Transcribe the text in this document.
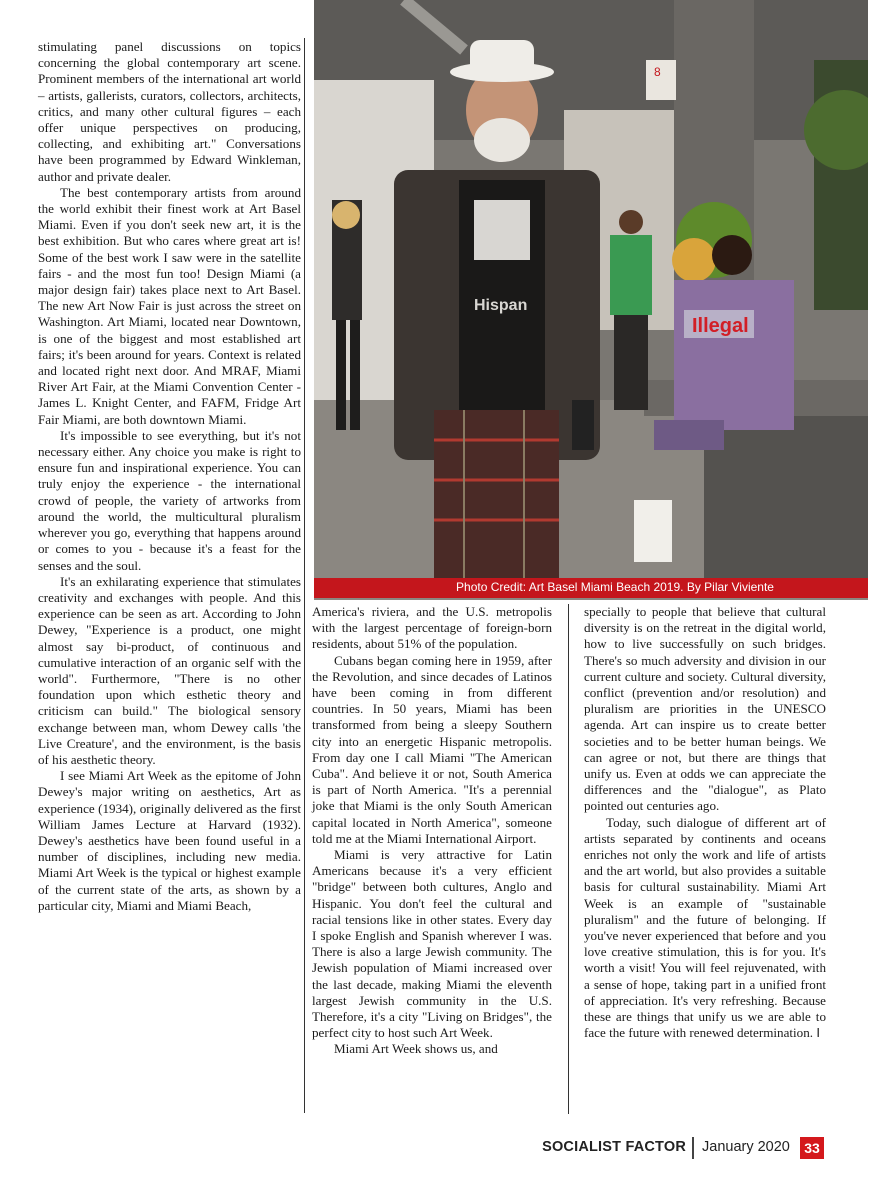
stimulating panel discussions on topics concerning the global contemporary art scene. Prominent members of the international art world – artists, gallerists, curators, collectors, architects, critics, and many other cultural figures – each offer unique perspectives on producing, collecting, and exhibiting art." Conversations have been programmed by Edward Winkleman, author and private dealer.

The best contemporary artists from around the world exhibit their finest work at Art Basel Miami. Even if you don't seek new art, it is the best exhibition. But who cares where great art is! Some of the best work I saw were in the satellite fairs - and the most fun too! Design Miami (a major design fair) takes place next to Art Basel. The new Art Now Fair is just across the street on Washington. Art Miami, located near Downtown, is one of the biggest and most established art fairs; it's been around for years. Context is related and located right next door. And MRAF, Miami River Art Fair, at the Miami Convention Center - James L. Knight Center, and FAFM, Fridge Art Fair Miami, are both downtown Miami.

It's impossible to see everything, but it's not necessary either. Any choice you make is right to ensure fun and inspirational experience. You can truly enjoy the experience - the international crowd of people, the variety of artworks from around the world, the multicultural pluralism wherever you go, everything that happens around or comes to you - because it's a feast for the senses and the soul.

It's an exhilarating experience that stimulates creativity and exchanges with people. And this experience can be seen as art. According to John Dewey, "Experience is a product, one might almost say bi-product, of continuous and cumulative interaction of an organic self with the world". Furthermore, "There is no other foundation upon which esthetic theory and criticism can build." The biological sensory exchange between man, whom Dewey calls 'the Live Creature', and the environment, is the basis of his aesthetic theory.

I see Miami Art Week as the epitome of John Dewey's major writing on aesthetics, Art as experience (1934), originally delivered as the first William James Lecture at Harvard (1932). Dewey's aesthetics have been found useful in a number of disciplines, including new media. Miami Art Week is the typical or highest example of the current state of the arts, as shown by a particular city, Miami and Miami Beach,

8
Illegal
Hispan
Photo Credit: Art Basel Miami Beach 2019. By Pilar Viviente

America's riviera, and the U.S. metropolis with the largest percentage of foreign-born residents, about 51% of the population.

Cubans began coming here in 1959, after the Revolution, and since decades of Latinos have been coming in from different countries. In 50 years, Miami has been transformed from being a sleepy Southern city into an energetic Hispanic metropolis. From day one I call Miami "The American Cuba". And believe it or not, South America is part of North America. "It's a perennial joke that Miami is the only South American capital located in North America", someone told me at the Miami International Airport.

Miami is very attractive for Latin Americans because it's a very efficient "bridge" between both cultures, Anglo and Hispanic. You don't feel the cultural and racial tensions like in other states. Every day I spoke English and Spanish wherever I was. There is also a large Jewish community. The Jewish population of Miami increased over the last decade, making Miami the eleventh largest Jewish community in the U.S. Therefore, it's a city "Living on Bridges", the perfect city to host such Art Week.

Miami Art Week shows us, and

specially to people that believe that cultural diversity is on the retreat in the digital world, how to live successfully on such bridges. There's so much adversity and division in our current culture and society. Cultural diversity, conflict (prevention and/or resolution) and pluralism are priorities in the UNESCO agenda. Art can inspire us to create better societies and to be better human beings. We can agree or not, but there are things that unify us. Even at odds we can appreciate the differences and the "dialogue", as Plato pointed out centuries ago.

Today, such dialogue of different art of artists separated by continents and oceans enriches not only the work and life of artists and the art world, but also provides a suitable basis for cultural sustainability. Miami Art Week is an example of "sustainable pluralism" and the future of belonging. If you've never experienced that before and you love creative stimulation, this is for you. It's worth a visit! You will feel rejuvenated, with a sense of hope, taking part in a unified front of appreciation. It's very refreshing. Because these are things that unify us we are able to face the future with renewed determination. I

SOCIALIST FACTOR January 2020	33
